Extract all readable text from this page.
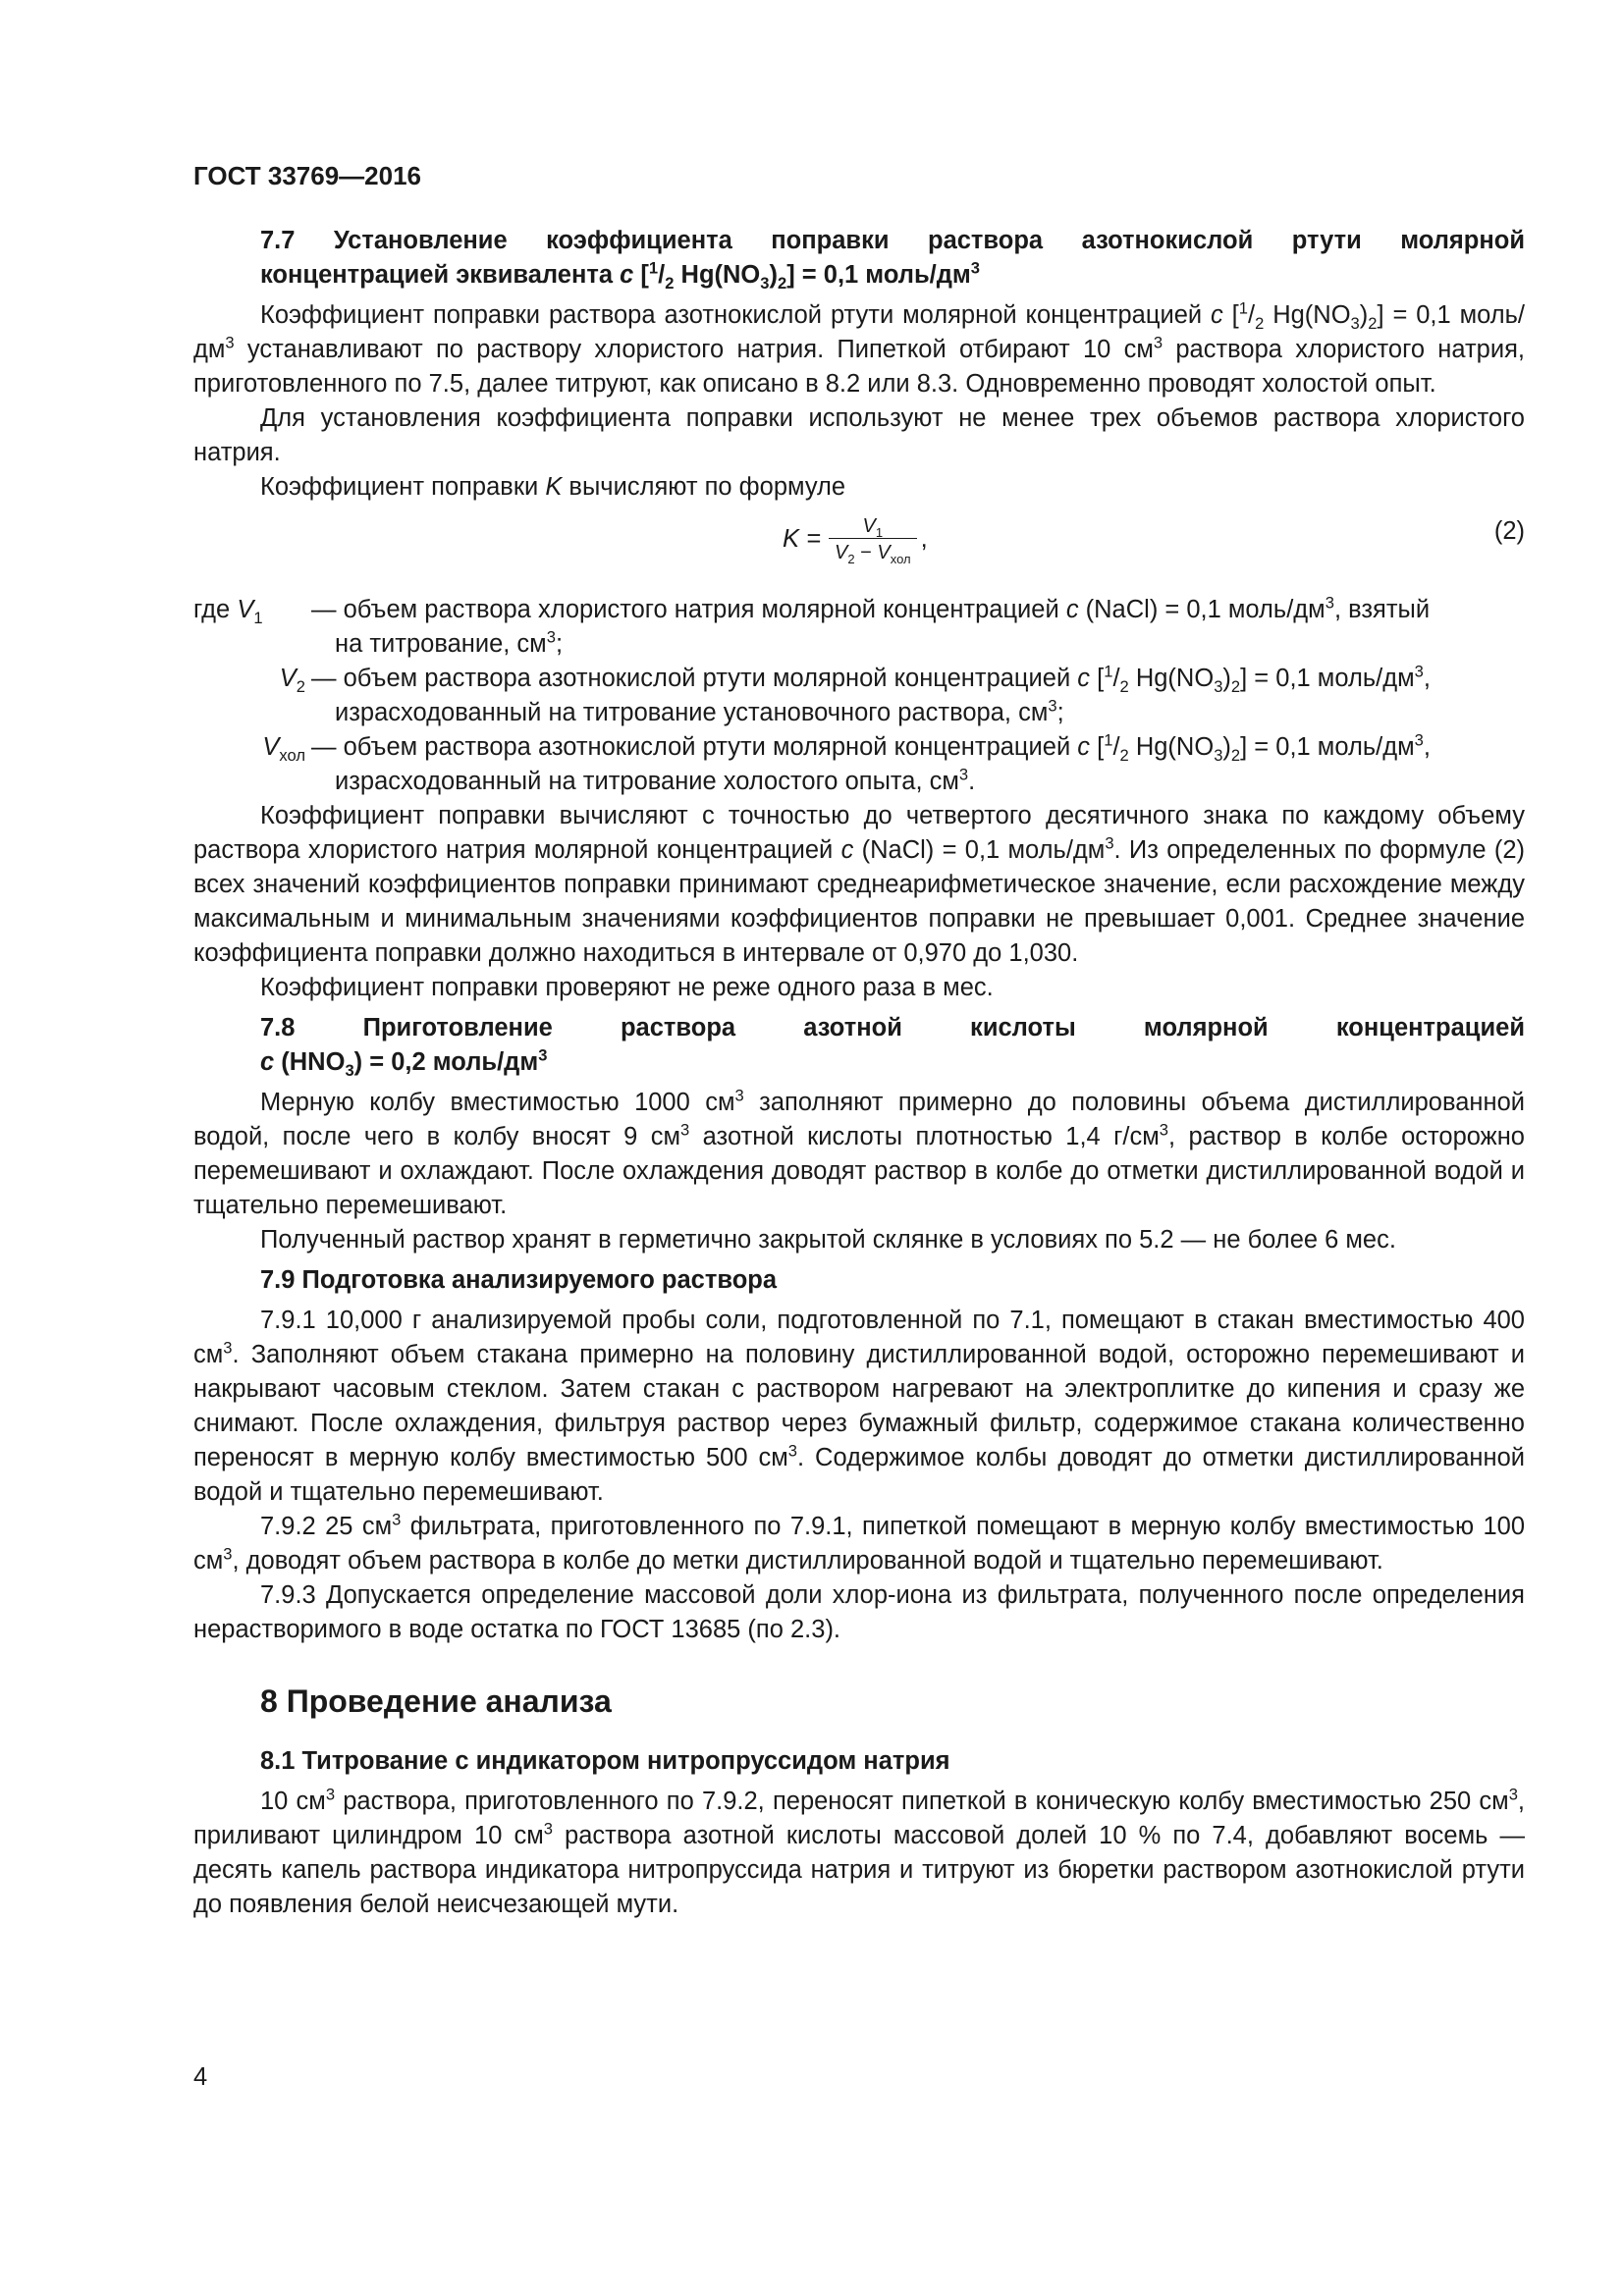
ГОСТ 33769—2016

7.7 Установление коэффициента поправки раствора азотнокислой ртути молярной
концентрацией эквивалента c [$^1/_2$ $Hg(NO_3)_2] = 0,1$ моль/$дм^3$

Коэффициент поправки раствора азотнокислой ртути молярной концентрацией c [$^1/_2$ $Hg(NO_3)_2] = 0,1$ моль/$дм^3$ устанавливают по раствору хлористого натрия. Пипеткой отбирают 10 $см^3$ раствора хлористого натрия, приготовленного по 7.5, далее титруют, как описано в 8.2 или 8.3. Одновременно проводят холостой опыт.

Для установления коэффициента поправки используют не менее трех объемов раствора хлористого натрия.

Коэффициент поправки K вычисляют по формуле

$K = \frac{V_1}{V_2 - V_{хол}}$ ,	(2)
где $V_1$	— объем раствора хлористого натрия молярной концентрацией c (NaCl) = 0,1 моль/$дм^3$, взятый
на титрование, $см^3$;
$V_2$ — объем раствора азотнокислой ртути молярной концентрацией c [$^1/_2$ $Hg(NO_3)_2] = 0,1$ моль/$дм^3$,
израсходованный на титрование установочного раствора, $см^3$;
$V_{хол}$ — объем раствора азотнокислой ртути молярной концентрацией c [$^1/_2$ $Hg(NO_3)_2] = 0,1$ моль/$дм^3$,
израсходованный на титрование холостого опыта, $см^3$.

Коэффициент поправки вычисляют с точностью до четвертого десятичного знака по каждому объему раствора хлористого натрия молярной концентрацией c (NaCl) = 0,1 моль/$дм^3$. Из определенных по формуле (2) всех значений коэффициентов поправки принимают среднеарифметическое значение, если расхождение между максимальным и минимальным значениями коэффициентов поправки не превышает 0,001. Среднее значение коэффициента поправки должно находиться в интервале от 0,970 до 1,030.

Коэффициент поправки проверяют не реже одного раза в мес.

7.8 Приготовление раствора азотной кислоты молярной концентрацией
c $(HNO_3) = 0,2$ моль/$дм^3$

Мерную колбу вместимостью 1000 $см^3$ заполняют примерно до половины объема дистиллированной водой, после чего в колбу вносят 9 $см^3$ азотной кислоты плотностью 1,4 $г/см^3$, раствор в колбе осторожно перемешивают и охлаждают. После охлаждения доводят раствор в колбе до отметки дистиллированной водой и тщательно перемешивают.

Полученный раствор хранят в герметично закрытой склянке в условиях по 5.2 — не более 6 мес.

7.9 Подготовка анализируемого раствора

7.9.1 10,000 г анализируемой пробы соли, подготовленной по 7.1, помещают в стакан вместимостью 400 $см^3$. Заполняют объем стакана примерно на половину дистиллированной водой, осторожно перемешивают и накрывают часовым стеклом. Затем стакан с раствором нагревают на электроплитке до кипения и сразу же снимают. После охлаждения, фильтруя раствор через бумажный фильтр, содержимое стакана количественно переносят в мерную колбу вместимостью 500 $см^3$. Содержимое колбы доводят до отметки дистиллированной водой и тщательно перемешивают.

7.9.2 25 $см^3$ фильтрата, приготовленного по 7.9.1, пипеткой помещают в мерную колбу вместимостью 100 $см^3$, доводят объем раствора в колбе до метки дистиллированной водой и тщательно перемешивают.

7.9.3 Допускается определение массовой доли хлор-иона из фильтрата, полученного после определения нерастворимого в воде остатка по ГОСТ 13685 (по 2.3).

8 Проведение анализа

8.1 Титрование с индикатором нитропруссидом натрия

10 $см^3$ раствора, приготовленного по 7.9.2, переносят пипеткой в коническую колбу вместимостью 250 $см^3$, приливают цилиндром 10 $см^3$ раствора азотной кислоты массовой долей 10 % по 7.4, добавляют восемь — десять капель раствора индикатора нитропруссида натрия и титруют из бюретки раствором азотнокислой ртути до появления белой неисчезающей мути.

4
